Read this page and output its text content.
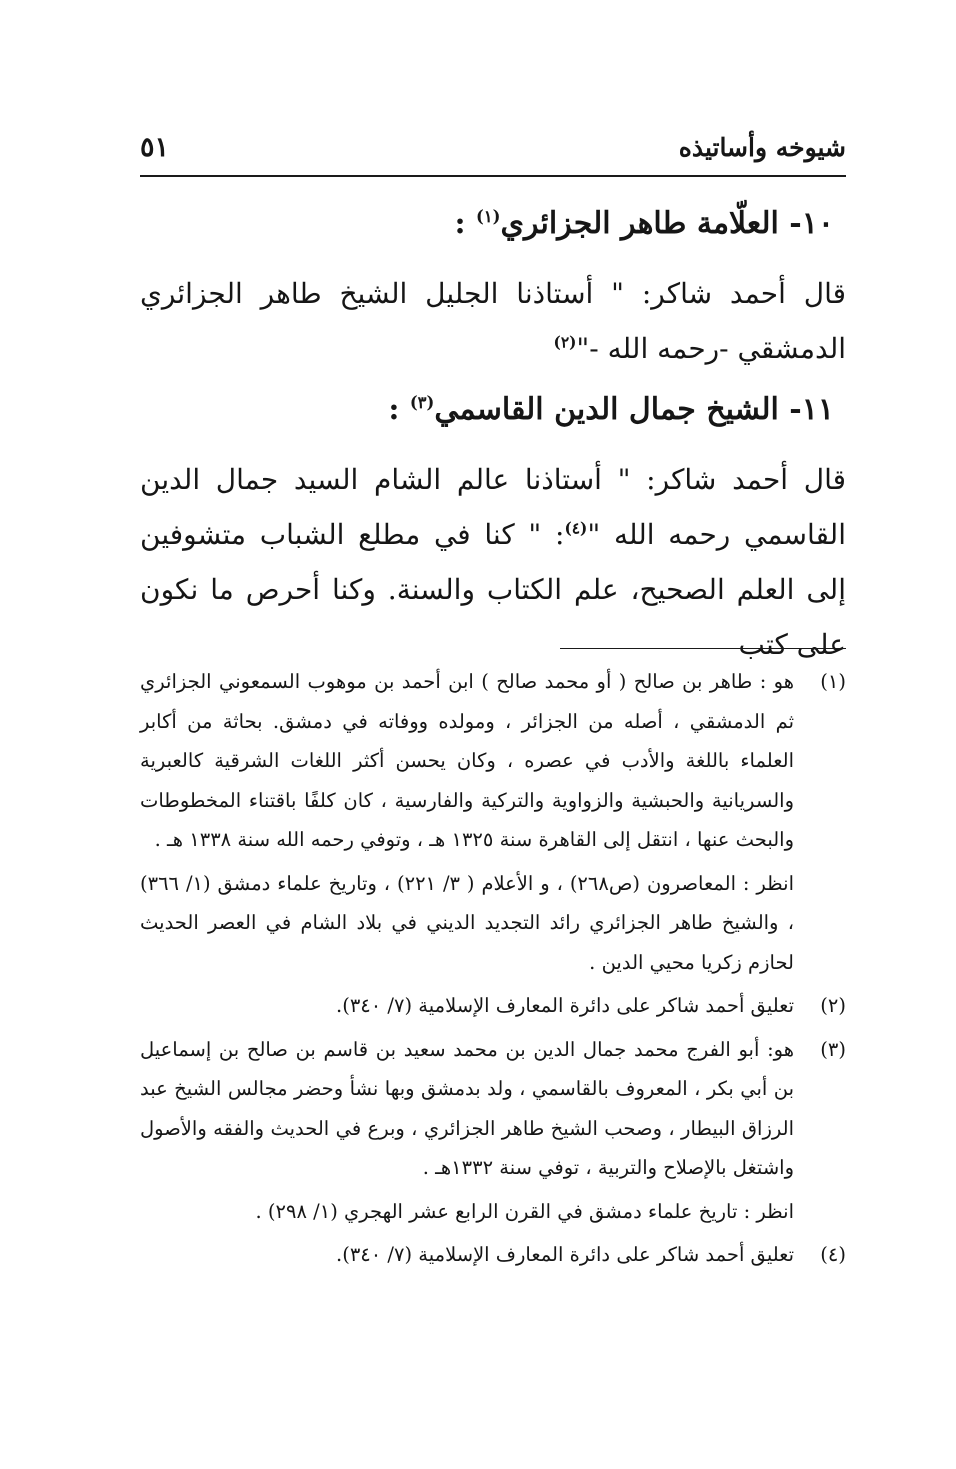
شيوخه وأساتيذه
٥١
١٠- العلّامة طاهر الجزائري$^{(١)}$ :
قال أحمد شاكر: " أستاذنا الجليل الشيخ طاهر الجزائري الدمشقي -رحمه الله -"$^{(٢)}$
١١- الشيخ جمال الدين القاسمي$^{(٣)}$ :
قال أحمد شاكر: " أستاذنا عالم الشام السيد جمال الدين القاسمي رحمه الله "$^{(٤)}$: " كنا في مطلع الشباب متشوفين إلى العلم الصحيح، علم الكتاب والسنة. وكنا أحرص ما نكون على كتب
(١)
هو : طاهر بن صالح ( أو محمد صالح ) ابن أحمد بن موهوب السمعوني الجزائري ثم الدمشقي ، أصله من الجزائر ، ومولده ووفاته في دمشق. بحاثة من أكابر العلماء باللغة والأدب في عصره ، وكان يحسن أكثر اللغات الشرقية كالعبرية والسريانية والحبشية والزواوية والتركية والفارسية ، كان كلفًا باقتناء المخطوطات والبحث عنها ، انتقل إلى القاهرة سنة ١٣٢٥ هـ ، وتوفي رحمه الله سنة ١٣٣٨ هـ .
انظر : المعاصرون (ص٢٦٨) ، و الأعلام ( ٣/ ٢٢١) ، وتاريخ علماء دمشق (١/ ٣٦٦) ، والشيخ طاهر الجزائري رائد التجديد الديني في بلاد الشام في العصر الحديث لحازم زكريا محيي الدين .
(٢)
تعليق أحمد شاكر على دائرة المعارف الإسلامية (٧/ ٣٤٠).
(٣)
هو: أبو الفرج محمد جمال الدين بن محمد سعيد بن قاسم بن صالح بن إسماعيل بن أبي بكر ، المعروف بالقاسمي ، ولد بدمشق وبها نشأ وحضر مجالس الشيخ عبد الرزاق البيطار ، وصحب الشيخ طاهر الجزائري ، وبرع في الحديث والفقه والأصول واشتغل بالإصلاح والتربية ، توفي سنة ١٣٣٢هـ .
انظر : تاريخ علماء دمشق في القرن الرابع عشر الهجري (١/ ٢٩٨) .
(٤)
تعليق أحمد شاكر على دائرة المعارف الإسلامية (٧/ ٣٤٠).
